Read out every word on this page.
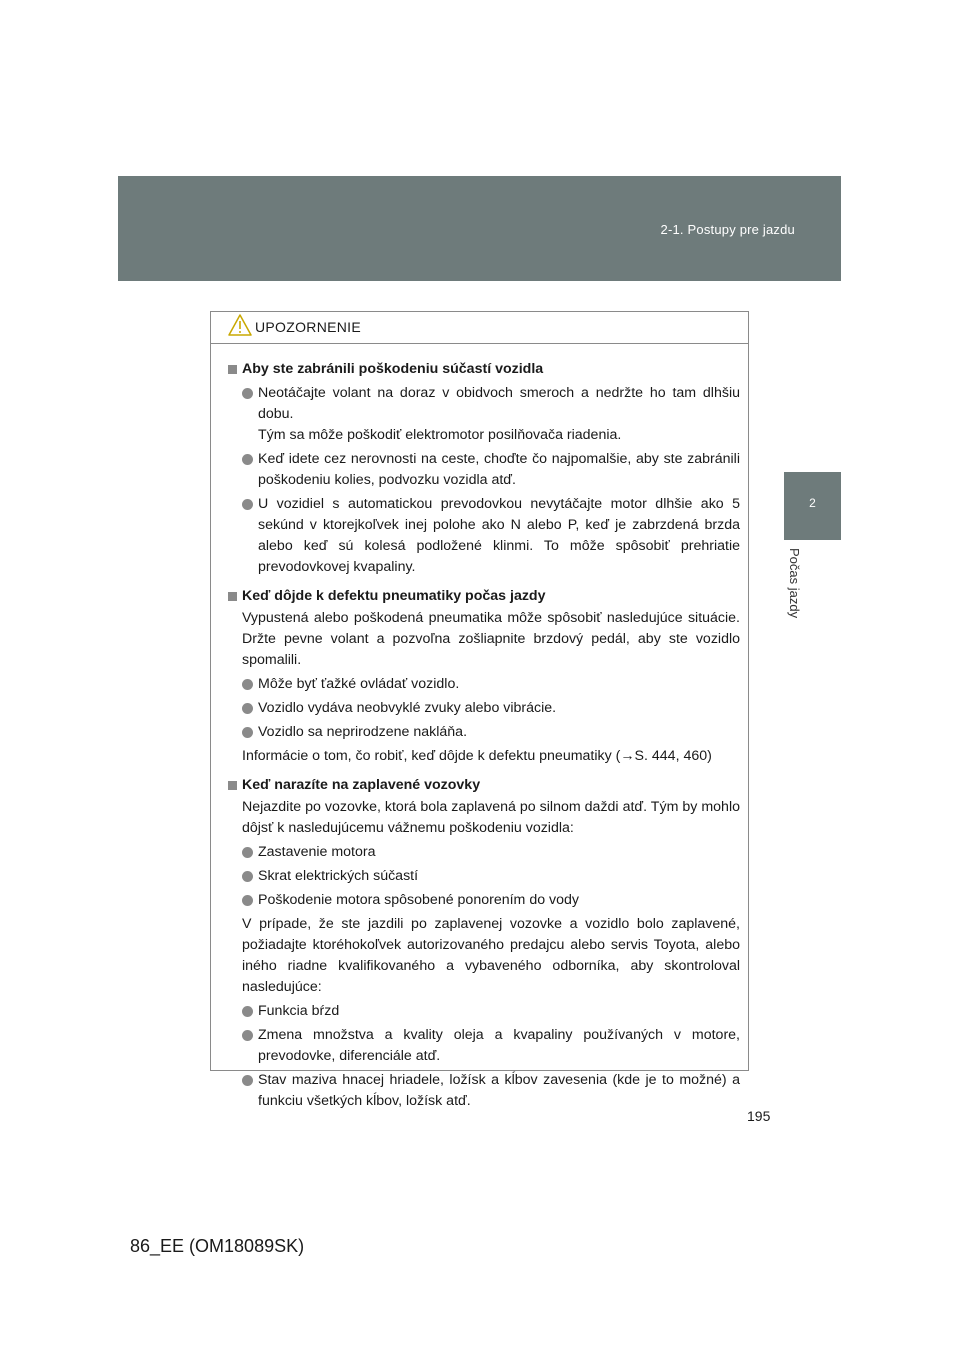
2-1. Postupy pre jazdu
2
Počas jazdy
UPOZORNENIE
Aby ste zabránili poškodeniu súčastí vozidla
Neotáčajte volant na doraz v obidvoch smeroch a nedržte ho tam dlhšiu dobu.
Tým sa môže poškodiť elektromotor posilňovača riadenia.
Keď idete cez nerovnosti na ceste, choďte čo najpomalšie, aby ste zabránili poškodeniu kolies, podvozku vozidla atď.
U vozidiel s automatickou prevodovkou nevytáčajte motor dlhšie ako 5 sekúnd v ktorejkoľvek inej polohe ako N alebo P, keď je zabrzdená brzda alebo keď sú kolesá podložené klinmi. To môže spôsobiť prehriatie prevodovkovej kvapaliny.
Keď dôjde k defektu pneumatiky počas jazdy
Vypustená alebo poškodená pneumatika môže spôsobiť nasledujúce situácie. Držte pevne volant a pozvoľna zošliapnite brzdový pedál, aby ste vozidlo spomalili.
Môže byť ťažké ovládať vozidlo.
Vozidlo vydáva neobvyklé zvuky alebo vibrácie.
Vozidlo sa neprirodzene nakláňa.
Informácie o tom, čo robiť, keď dôjde k defektu pneumatiky (→S. 444, 460)
Keď narazíte na zaplavené vozovky
Nejazdite po vozovke, ktorá bola zaplavená po silnom daždi atď. Tým by mohlo dôjsť k nasledujúcemu vážnemu poškodeniu vozidla:
Zastavenie motora
Skrat elektrických súčastí
Poškodenie motora spôsobené ponorením do vody
V prípade, že ste jazdili po zaplavenej vozovke a vozidlo bolo zaplavené, požiadajte ktoréhokoľvek autorizovaného predajcu alebo servis Toyota, alebo iného riadne kvalifikovaného a vybaveného odborníka, aby skontroloval nasledujúce:
Funkcia bŕzd
Zmena množstva a kvality oleja a kvapaliny používaných v motore, prevodovke, diferenciále atď.
Stav maziva hnacej hriadele, ložísk a kĺbov zavesenia (kde je to možné) a funkciu všetkých kĺbov, ložísk atď.
195
86_EE (OM18089SK)
